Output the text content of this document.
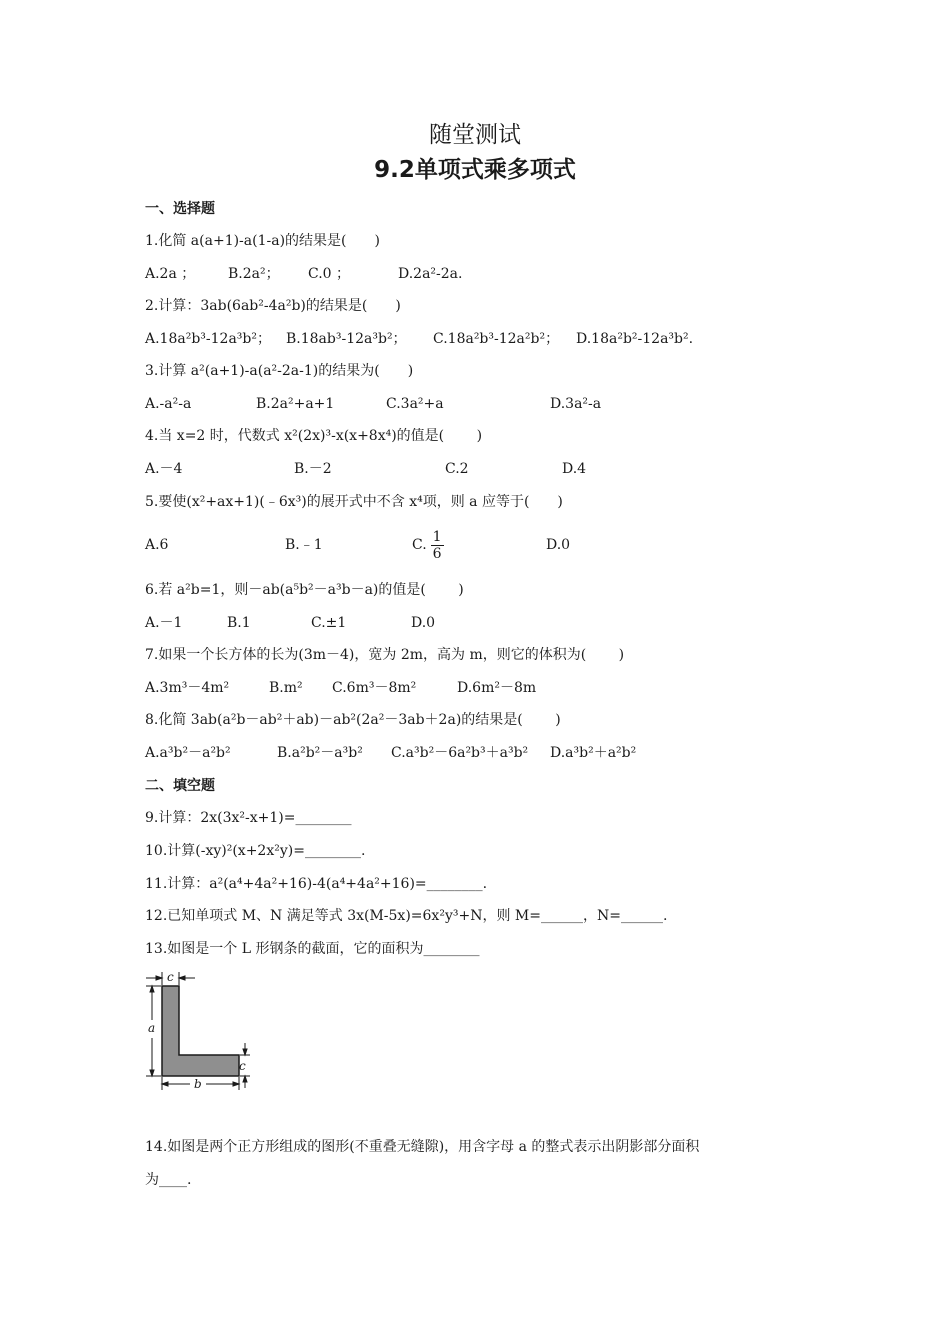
随堂测试
9.2单项式乘多项式
一、选择题
1.化简 a(a+1)-a(1-a)的结果是(　　)
A.2a ； B.2a²； C.0 ；	D.2a²-2a.
2.计算：3ab(6ab²-4a²b)的结果是(　　)
A.18a²b³-12a³b²； B.18ab³-12a³b²； C.18a²b³-12a²b²； D.18a²b²-12a³b².
3.计算 a²(a+1)-a(a²-2a-1)的结果为(　　)
A.-a²-a	B.2a²+a+1	C.3a²+a	D.3a²-a
4.当 x=2 时，代数式 x²(2x)³-x(x+8x⁴)的值是(　　 )
A.－4	B.－2	C.2	D.4
5.要使(x²+ax+1)(﹣6x³)的展开式中不含 x⁴项，则 a 应等于(　　)
A.6	B.﹣1	C. $\frac{1}{6}$	D.0
6.若 a²b=1，则－ab(a⁵b²－a³b－a)的值是(　　 )
A.－1	B.1	C.±1	D.0
7.如果一个长方体的长为(3m－4)，宽为 2m，高为 m，则它的体积为(　　 )
A.3m³－4m²	B.m² C.6m³－8m²	D.6m²－8m
8.化简 3ab(a²b－ab²＋ab)－ab²(2a²－3ab＋2a)的结果是(　　 )
A.a³b²－a²b²	B.a²b²－a³b² C.a³b²－6a²b³＋a³b² D.a³b²＋a²b²
二、填空题
9.计算：2x(3x²-x+1)=________
10.计算(-xy)²(x+2x²y)=________.
11.计算：a²(a⁴+4a²+16)-4(a⁴+4a²+16)=________.
12.已知单项式 M、N 满足等式 3x(M-5x)=6x²y³+N，则 M=______，N=______.
13.如图是一个 L 形钢条的截面，它的面积为________
c
a
c
b
14.如图是两个正方形组成的图形(不重叠无缝隙)，用含字母 a 的整式表示出阴影部分面积
为____.
